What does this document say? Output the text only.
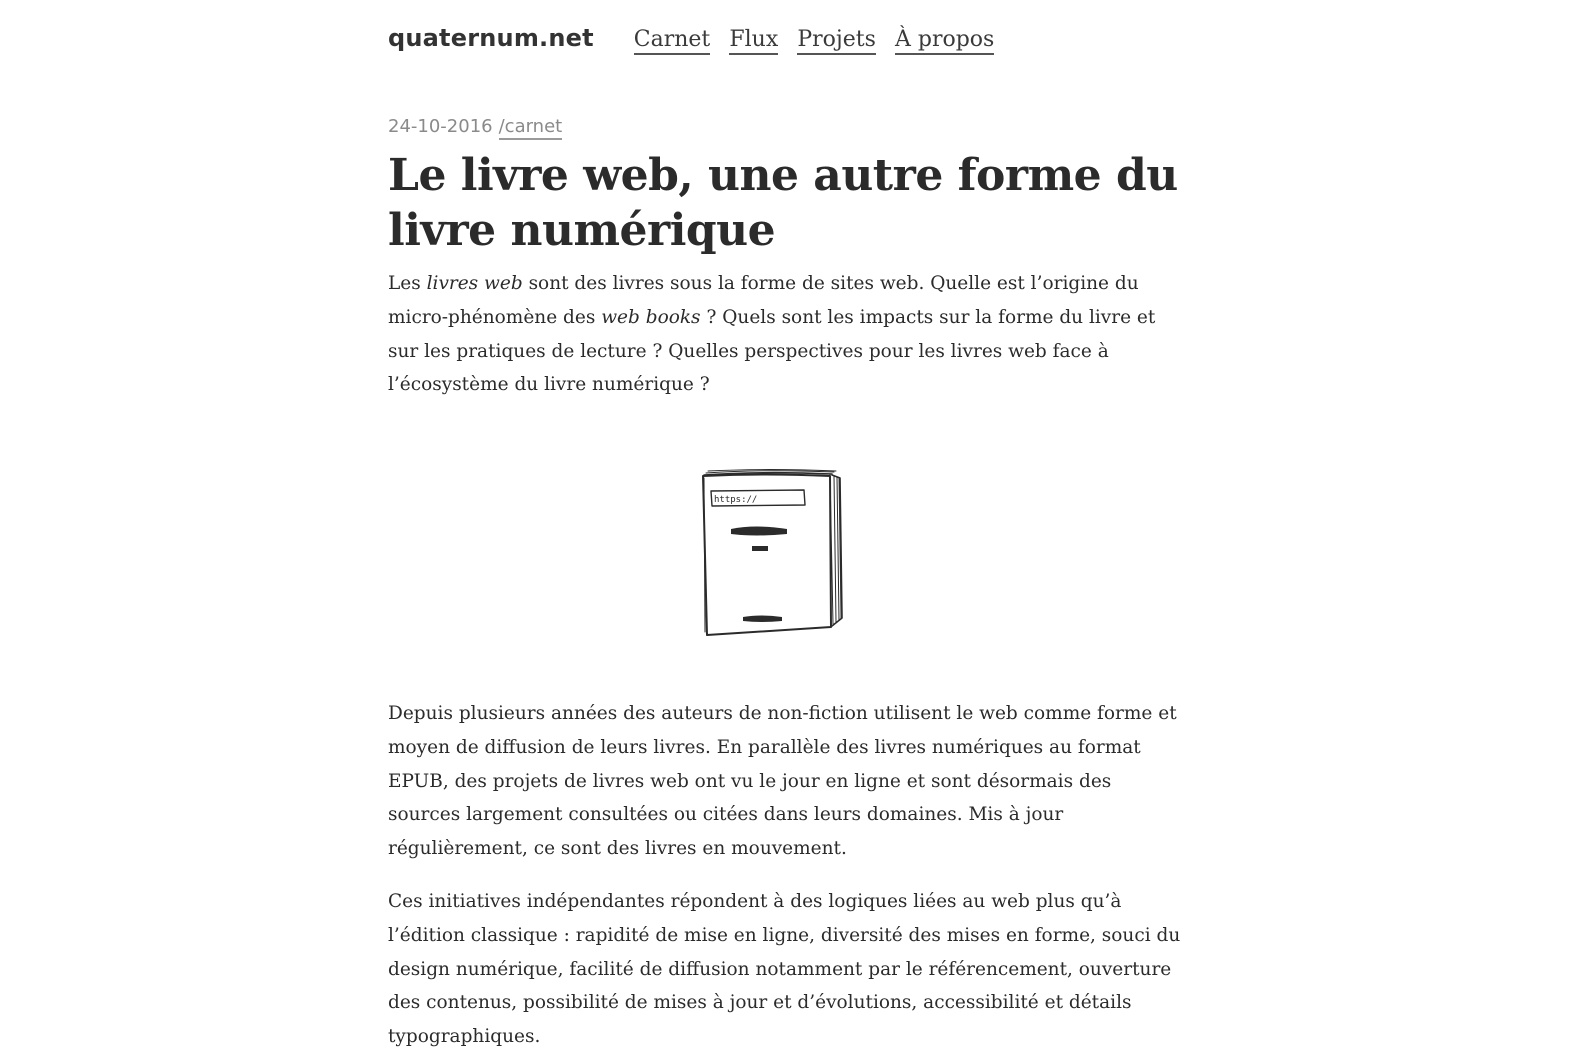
quaternum.net Carnet Flux Projets À propos
24-10-2016 /carnet
Le livre web, une autre forme du livre numérique

Les livres web sont des livres sous la forme de sites web. Quelle est l’origine du micro-phénomène des web books ? Quels sont les impacts sur la forme du livre et sur les pratiques de lecture ? Quelles perspectives pour les livres web face à l’écosystème du livre numérique ?

Depuis plusieurs années des auteurs de non-fiction utilisent le web comme forme et moyen de diffusion de leurs livres. En parallèle des livres numériques au format EPUB, des projets de livres web ont vu le jour en ligne et sont désormais des sources largement consultées ou citées dans leurs domaines. Mis à jour régulièrement, ce sont des livres en mouvement.

Ces initiatives indépendantes répondent à des logiques liées au web plus qu’à l’édition classique : rapidité de mise en ligne, diversité des mises en forme, souci du design numérique, facilité de diffusion notamment par le référencement, ouverture des contenus, possibilité de mises à jour et d’évolutions, accessibilité et détails typographiques.

https://
